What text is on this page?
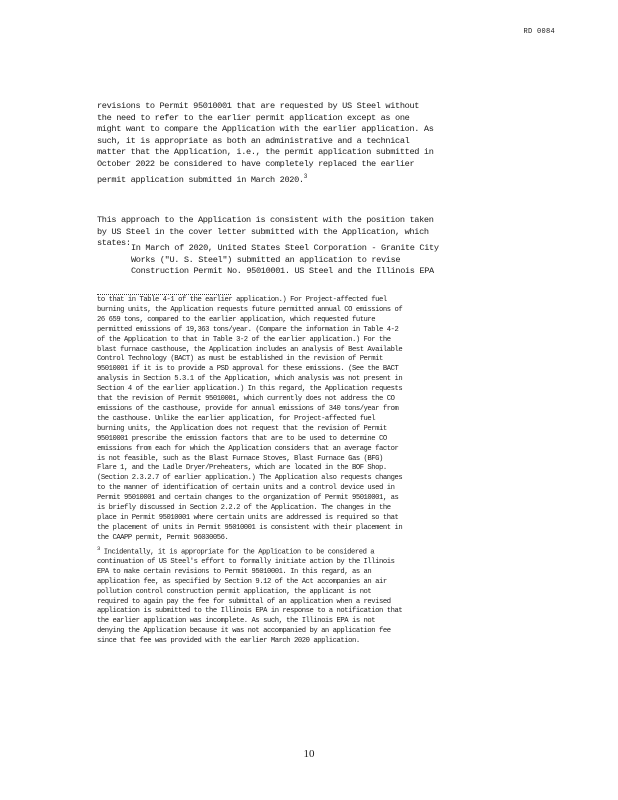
RD 0084

revisions to Permit 95010001 that are requested by US Steel without
the need to refer to the earlier permit application except as one
might want to compare the Application with the earlier application. As
such, it is appropriate as both an administrative and a technical
matter that the Application, i.e., the permit application submitted in
October 2022 be considered to have completely replaced the earlier
permit application submitted in March 2020.$^3$

This approach to the Application is consistent with the position taken
by US Steel in the cover letter submitted with the Application, which
states: In March of 2020, United States Steel Corporation - Granite City
Works ("U. S. Steel") submitted an application to revise
Construction Permit No. 95010001. US Steel and the Illinois EPA

to that in Table 4-1 of the earlier application.) For Project-affected fuel
burning units, the Application requests future permitted annual CO emissions of
26 659 tons, compared to the earlier application, which requested future
permitted emissions of 19,363 tons/year. (Compare the information in Table 4-2
of the Application to that in Table 3-2 of the earlier application.) For the
blast furnace casthouse, the Application includes an analysis of Best Available
Control Technology (BACT) as must be established in the revision of Permit
95010001 if it is to provide a PSD approval for these emissions. (See the BACT
analysis in Section 5.3.1 of the Application, which analysis was not present in
Section 4 of the earlier application.) In this regard, the Application requests
that the revision of Permit 95010001, which currently does not address the CO
emissions of the casthouse, provide for annual emissions of 340 tons/year from
the casthouse. Unlike the earlier application, for Project-affected fuel
burning units, the Application does not request that the revision of Permit
95010001 prescribe the emission factors that are to be used to determine CO
emissions from each for which the Application considers that an average factor
is not feasible, such as the Blast Furnace Stoves, Blast Furnace Gas (BFG)
Flare 1, and the Ladle Dryer/Preheaters, which are located in the BOF Shop.
(Section 2.3.2.7 of earlier application.) The Application also requests changes
to the manner of identification of certain units and a control device used in
Permit 95010001 and certain changes to the organization of Permit 95010001, as
is briefly discussed in Section 2.2.2 of the Application. The changes in the
place in Permit 95010001 where certain units are addressed is required so that
the placement of units in Permit 95010001 is consistent with their placement in
the CAAPP permit, Permit 96030056.

$^3$ Incidentally, it is appropriate for the Application to be considered a
continuation of US Steel's effort to formally initiate action by the Illinois
EPA to make certain revisions to Permit 95010001. In this regard, as an
application fee, as specified by Section 9.12 of the Act accompanies an air
pollution control construction permit application, the applicant is not
required to again pay the fee for submittal of an application when a revised
application is submitted to the Illinois EPA in response to a notification that
the earlier application was incomplete. As such, the Illinois EPA is not
denying the Application because it was not accompanied by an application fee
since that fee was provided with the earlier March 2020 application.

10
